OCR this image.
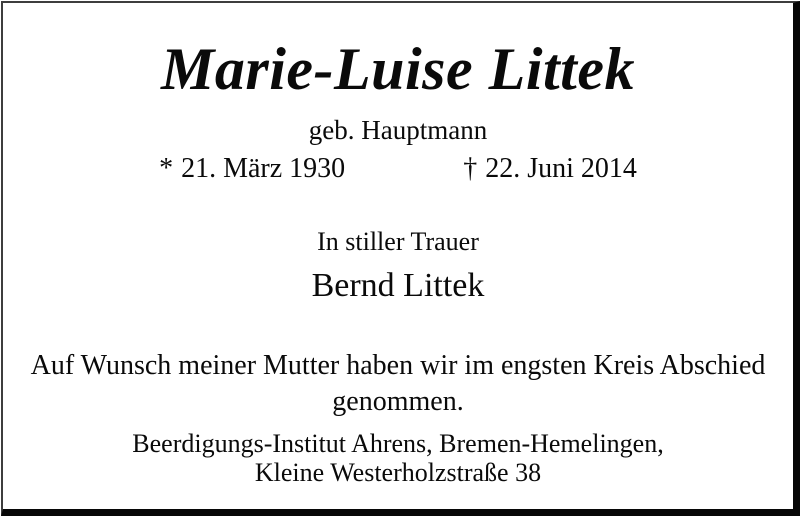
Marie-Luise Littek
geb. Hauptmann
* 21. März 1930	† 22. Juni 2014
In stiller Trauer
Bernd Littek
Auf Wunsch meiner Mutter haben wir im engsten Kreis Abschied
genommen.
Beerdigungs-Institut Ahrens, Bremen-Hemelingen,
Kleine Westerholzstraße 38
